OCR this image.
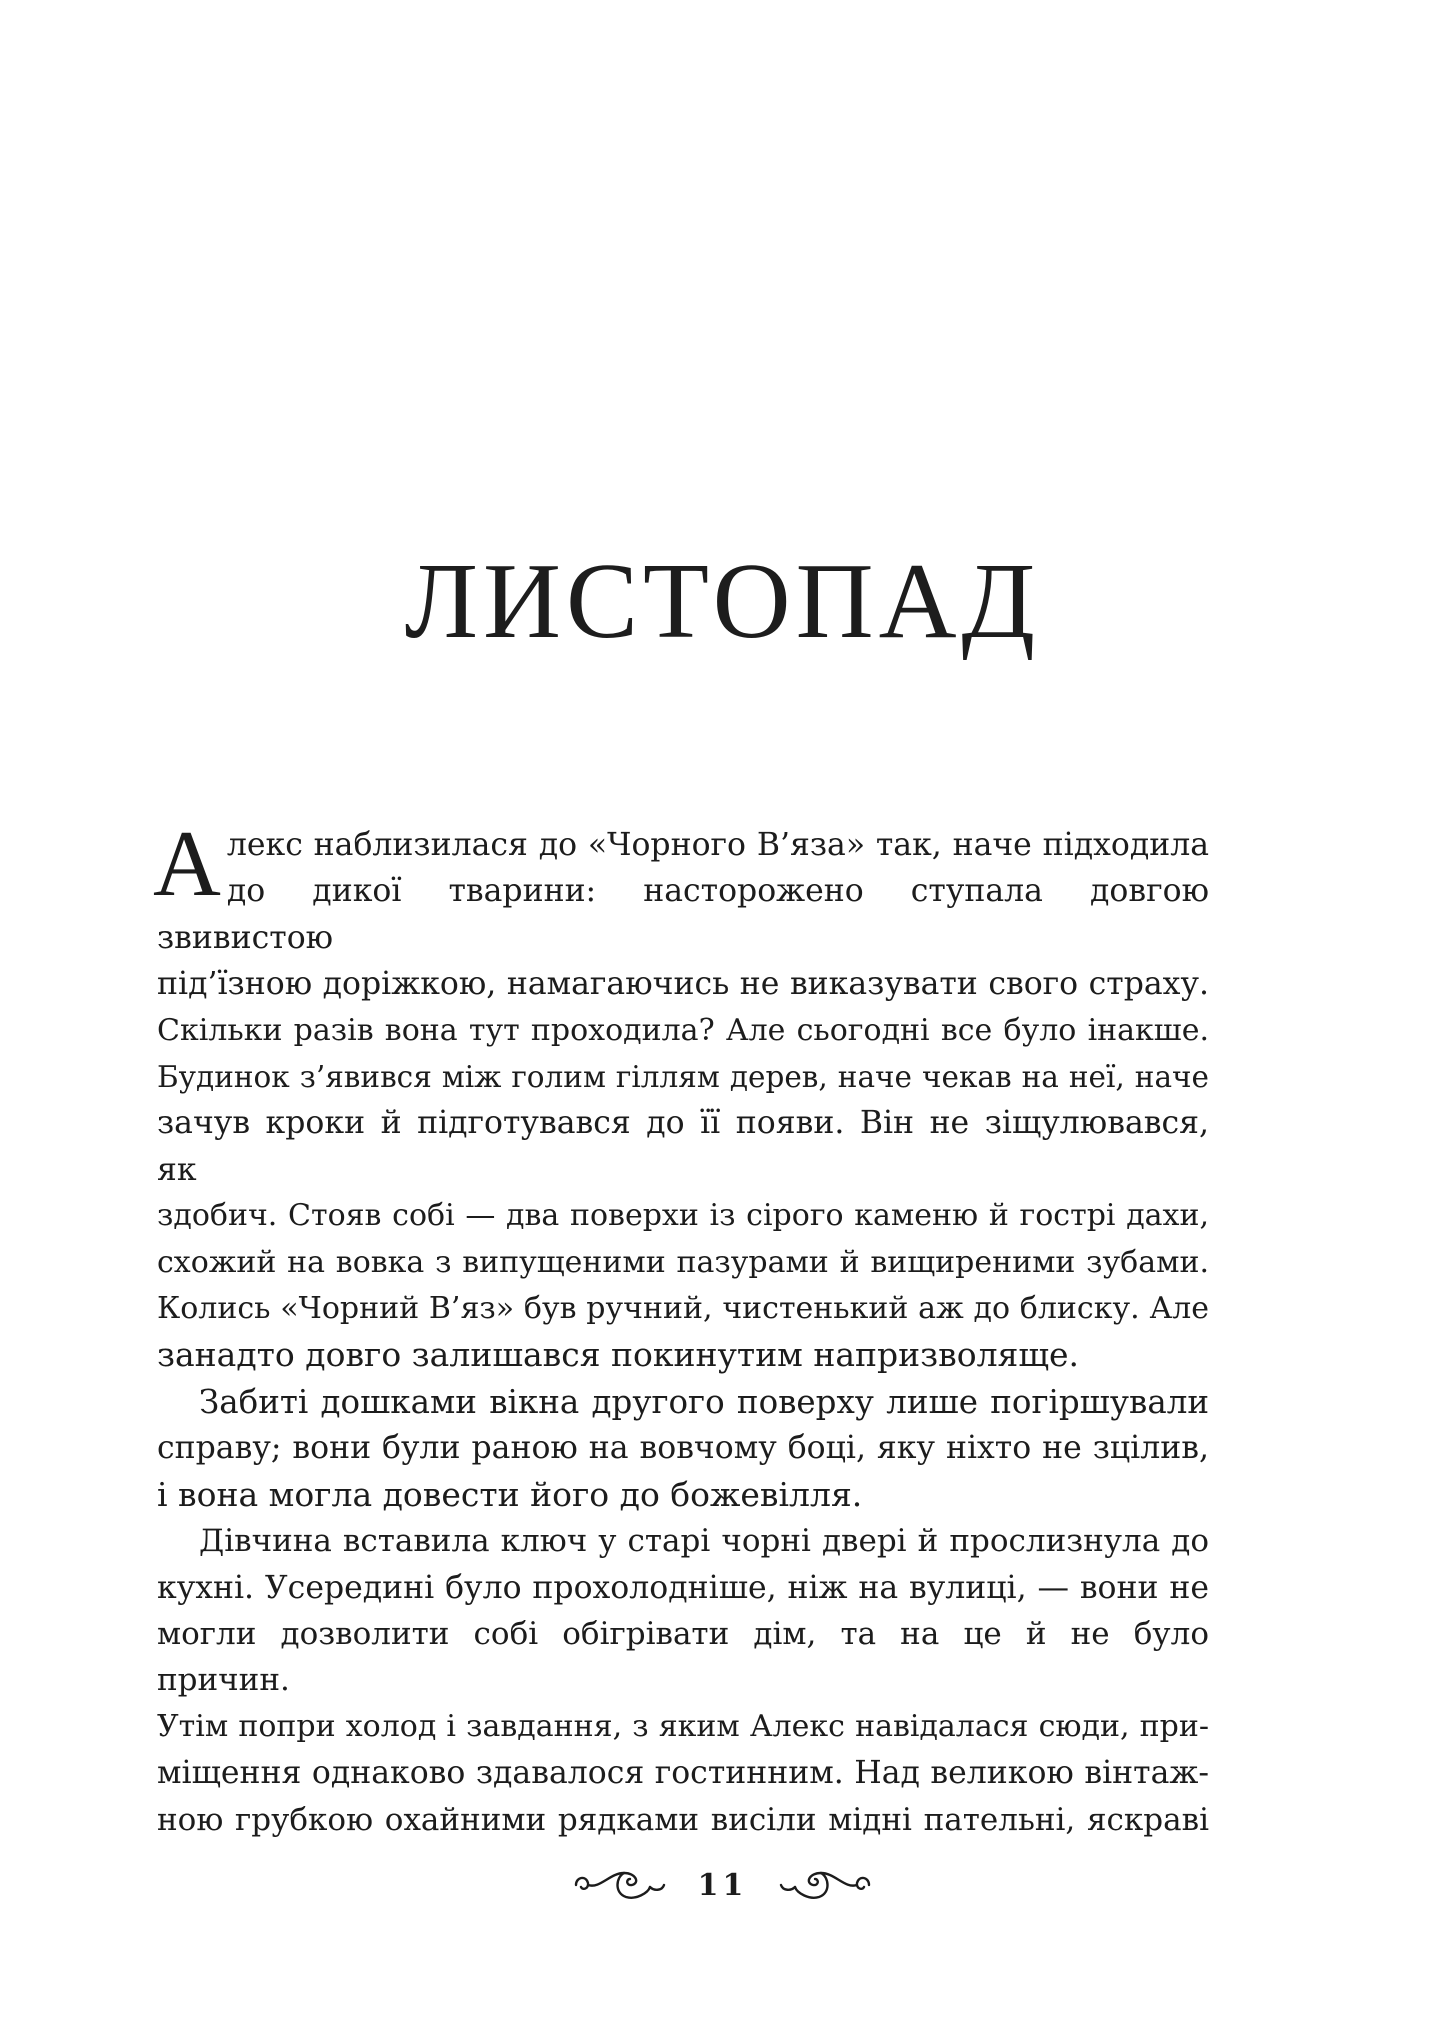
ЛИСТОПАД

А лекс наблизилася до «Чорного В’яза» так, наче підходила
до дикої тварини: насторожено ступала довгою звивистою
під’їзною доріжкою, намагаючись не виказувати свого страху.
Скільки разів вона тут проходила? Але сьогодні все було інакше.
Будинок з’явився між голим гіллям дерев, наче чекав на неї, наче
зачув кроки й підготувався до її появи. Він не зіщулювався, як
здобич. Стояв собі — два поверхи із сірого каменю й гострі дахи,
схожий на вовка з випущеними пазурами й вищиреними зубами.
Колись «Чорний В’яз» був ручний, чистенький аж до блиску. Але
занадто довго залишався покинутим напризволяще.

Забиті дошками вікна другого поверху лише погіршували
справу; вони були раною на вовчому боці, яку ніхто не зцілив,
і вона могла довести його до божевілля.

Дівчина вставила ключ у старі чорні двері й прослизнула до
кухні. Усередині було прохолодніше, ніж на вулиці, — вони не
могли дозволити собі обігрівати дім, та на це й не було причин.
Утім попри холод і завдання, з яким Алекс навідалася сюди, при-
міщення однаково здавалося гостинним. Над великою вінтаж-
ною грубкою охайними рядками висіли мідні пательні, яскраві

11
